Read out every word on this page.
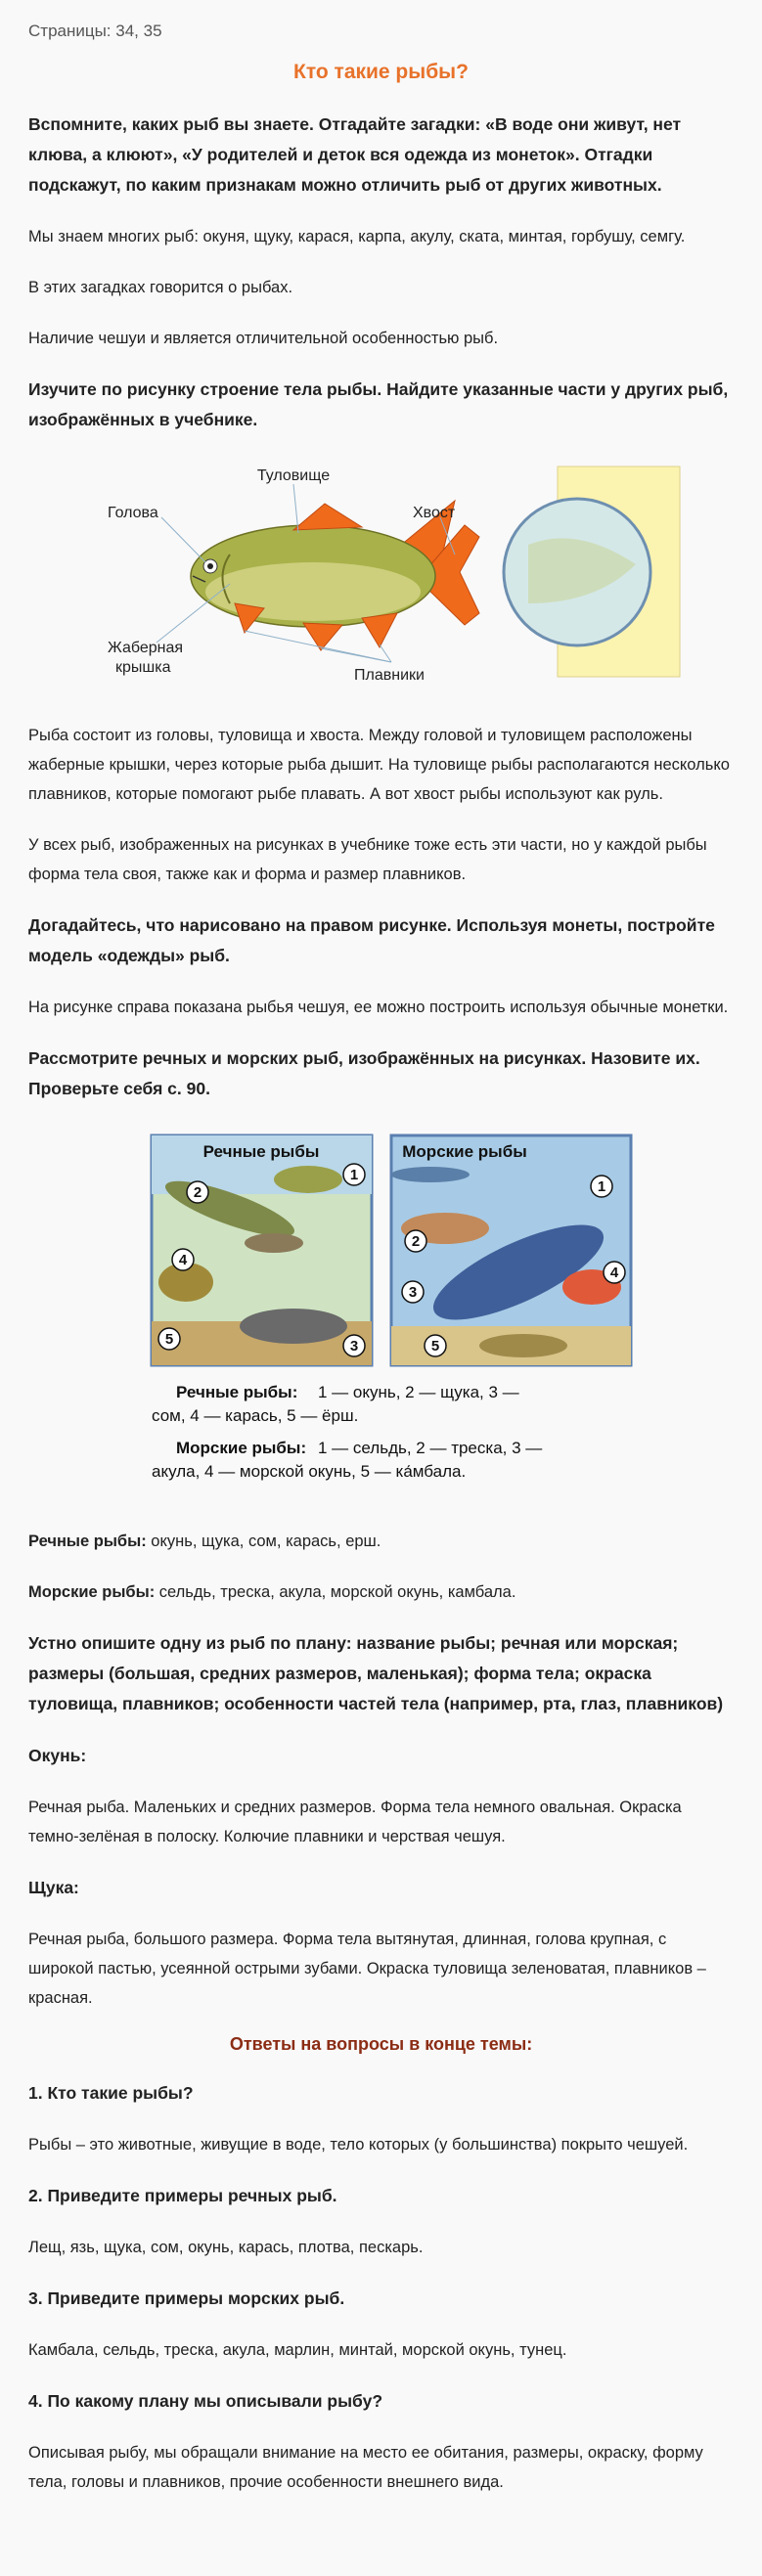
Страницы: 34, 35
Кто такие рыбы?

Вспомните, каких рыб вы знаете. Отгадайте загадки: «В воде они живут, нет клюва, а клюют», «У родителей и деток вся одежда из монеток». Отгадки подскажут, по каким признакам можно отличить рыб от других животных.

Мы знаем многих рыб: окуня, щуку, карася, карпа, акулу, ската, минтая, горбушу, семгу.

В этих загадках говорится о рыбах.

Наличие чешуи и является отличительной особенностью рыб.

Изучите по рисунку строение тела рыбы. Найдите указанные части у других рыб, изображённых в учебнике.

Туловище
Голова	Хвост
Жаберная
крышка	Плавники

Рыба состоит из головы, туловища и хвоста. Между головой и туловищем расположены жаберные крышки, через которые рыба дышит. На туловище рыбы располагаются несколько плавников, которые помогают рыбе плавать. А вот хвост рыбы используют как руль.

У всех рыб, изображенных на рисунках в учебнике тоже есть эти части, но у каждой рыбы форма тела своя, также как и форма и размер плавников.

Догадайтесь, что нарисовано на правом рисунке. Используя монеты, постройте модель «одежды» рыб.

На рисунке справа показана рыбья чешуя, ее можно построить используя обычные монетки.

Рассмотрите речных и морских рыб, изображённых на рисунках. Назовите их. Проверьте себя с. 90.

Речные рыбы	Морские рыбы
1
2
3
4
5
1
2
3
4
5
Речные рыбы: 1 — окунь, 2 — щука, 3 —
сом, 4 — карась, 5 — ёрш.
Морские рыбы: 1 — сельдь, 2 — треска, 3 —
акула, 4 — морской окунь, 5 — ка́мбала.

Речные рыбы: окунь, щука, сом, карась, ерш.

Морские рыбы: сельдь, треска, акула, морской окунь, камбала.

Устно опишите одну из рыб по плану: название рыбы; речная или морская; размеры (большая, средних размеров, маленькая); форма тела; окраска туловища, плавников; особенности частей тела (например, рта, глаз, плавников)

Окунь:

Речная рыба. Маленьких и средних размеров. Форма тела немного овальная. Окраска темно-зелёная в полоску. Колючие плавники и черствая чешуя.

Щука:

Речная рыба, большого размера. Форма тела вытянутая, длинная, голова крупная, с широкой пастью, усеянной острыми зубами. Окраска туловища зеленоватая, плавников – красная.

Ответы на вопросы в конце темы:

1. Кто такие рыбы?

Рыбы – это животные, живущие в воде, тело которых (у большинства) покрыто чешуей.

2. Приведите примеры речных рыб.

Лещ, язь, щука, сом, окунь, карась, плотва, пескарь.

3. Приведите примеры морских рыб.

Камбала, сельдь, треска, акула, марлин, минтай, морской окунь, тунец.

4. По какому плану мы описывали рыбу?

Описывая рыбу, мы обращали внимание на место ее обитания, размеры, окраску, форму тела, головы и плавников, прочие особенности внешнего вида.
